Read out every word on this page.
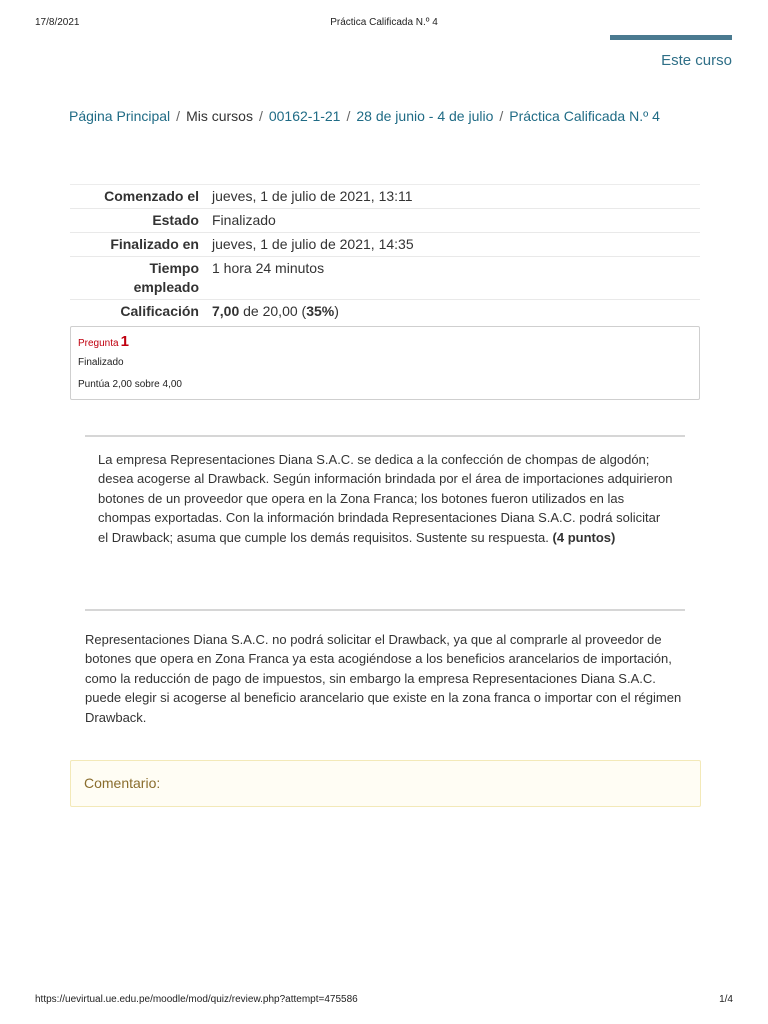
17/8/2021	Práctica Calificada N.º 4
Este curso
Página Principal / Mis cursos / 00162-1-21 / 28 de junio - 4 de julio / Práctica Calificada N.º 4
Comenzado el	jueves, 1 de julio de 2021, 13:11
Estado	Finalizado
Finalizado en	jueves, 1 de julio de 2021, 14:35
Tiempo
empleado	1 hora 24 minutos
Calificación	7,00 de 20,00 (35%)
Pregunta 1
Finalizado
Puntúa 2,00 sobre 4,00
La empresa Representaciones Diana S.A.C. se dedica a la confección de chompas de algodón; desea acogerse al Drawback. Según información brindada por el área de importaciones adquirieron botones de un proveedor que opera en la Zona Franca; los botones fueron utilizados en las chompas exportadas. Con la información brindada Representaciones Diana S.A.C. podrá solicitar el Drawback; asuma que cumple los demás requisitos. Sustente su respuesta. (4 puntos)
Representaciones Diana S.A.C. no podrá solicitar el Drawback, ya que al comprarle al proveedor de botones que opera en Zona Franca ya esta acogiéndose a los beneficios arancelarios de importación, como la reducción de pago de impuestos, sin embargo la empresa Representaciones Diana S.A.C. puede elegir si acogerse al beneficio arancelario que existe en la zona franca o importar con el régimen Drawback.
Comentario:
https://uevirtual.ue.edu.pe/moodle/mod/quiz/review.php?attempt=475586	1/4
